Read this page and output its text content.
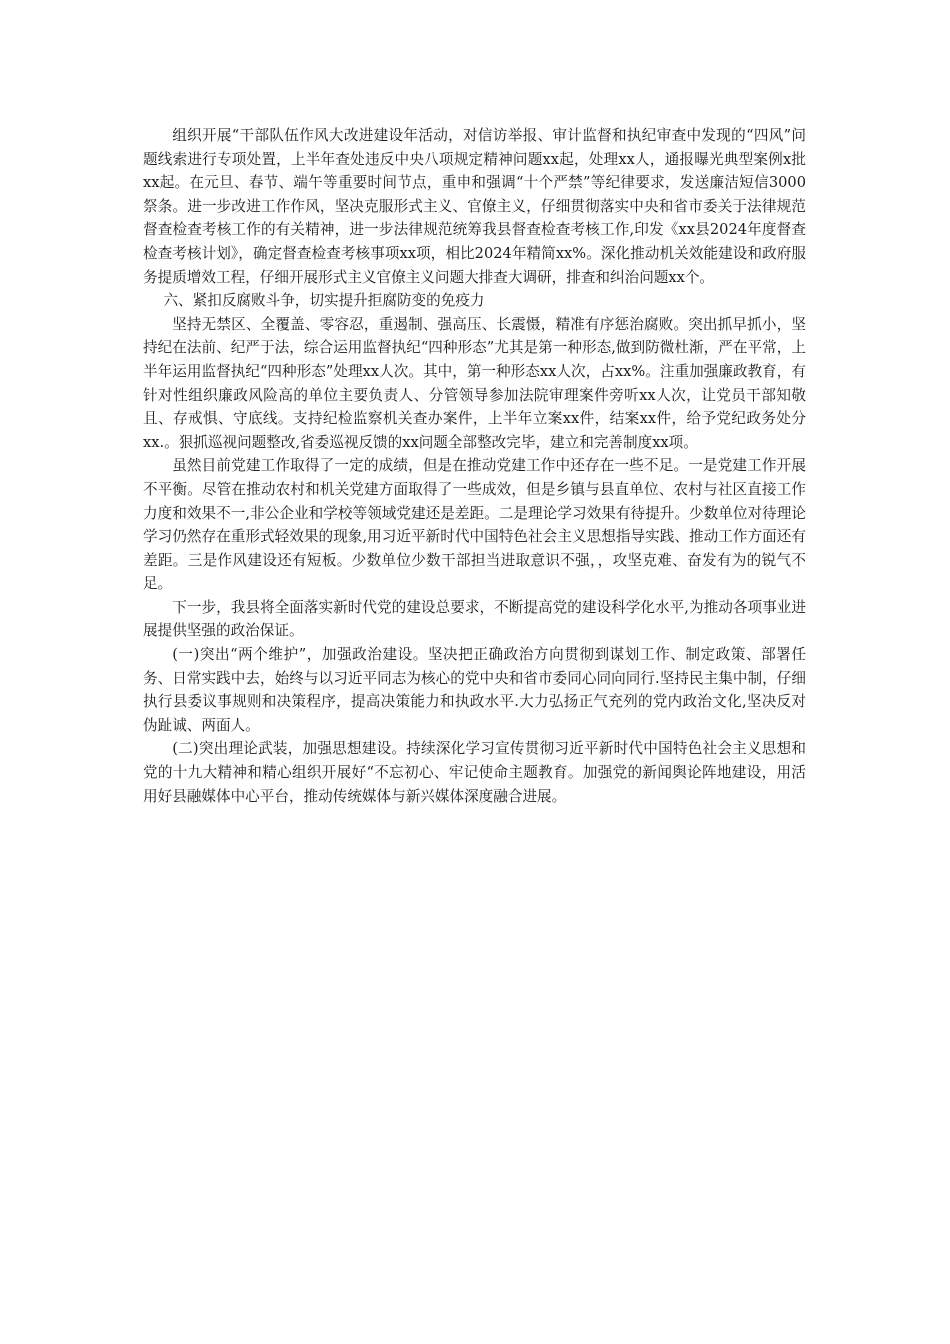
组织开展“干部队伍作风大改进建设年活动，对信访举报、审计监督和执纪审查中发现的“四风”问题线索进行专项处置，上半年查处违反中央八项规定精神问题xx起，处理xx人，通报曝光典型案例x批xx起。在元旦、春节、端午等重要时间节点，重申和强调“十个严禁”等纪律要求，发送廉洁短信3000祭条。进一步改进工作作风，坚决克服形式主义、官僚主义，仔细贯彻落实中央和省市委关于法律规范督查检查考核工作的有关精神，进一步法律规范统筹我县督查检查考核工作,印发《xx县2024年度督查检查考核计划》，确定督查检查考核事项xx项，相比2024年精简xx%。深化推动机关效能建设和政府服务提质增效工程，仔细开展形式主义官僚主义问题大排查大调研，排查和纠治问题xx个。

六、紧扣反腐败斗争，切实提升拒腐防变的免疫力

坚持无禁区、全覆盖、零容忍，重遏制、强高压、长震慑，精准有序惩治腐败。突出抓早抓小，坚持纪在法前、纪严于法，综合运用监督执纪“四种形态”尤其是第一种形态,做到防微杜渐，严在平常，上半年运用监督执纪“四种形态”处理xx人次。其中，第一种形态xx人次，占xx%。注重加强廉政教育，有针对性组织廉政风险高的单位主要负责人、分管领导参加法院审理案件旁听xx人次，让党员干部知敬且、存戒惧、守底线。支持纪检监察机关查办案件，上半年立案xx件，结案xx件，给予党纪政务处分xx.。狠抓巡视问题整改,省委巡视反馈的xx问题全部整改完毕，建立和完善制度xx项。

虽然目前党建工作取得了一定的成绩，但是在推动党建工作中还存在一些不足。一是党建工作开展不平衡。尽管在推动农村和机关党建方面取得了一些成效，但是乡镇与县直单位、农村与社区直接工作力度和效果不一,非公企业和学校等领域党建还是差距。二是理论学习效果有待提升。少数单位对待理论学习仍然存在重形式轻效果的现象,用习近平新时代中国特色社会主义思想指导实践、推动工作方面还有差距。三是作风建设还有短板。少数单位少数干部担当进取意识不强，，攻坚克难、奋发有为的锐气不足。

下一步，我县将全面落实新时代党的建设总要求，不断提高党的建设科学化水平,为推动各项事业进展提供坚强的政治保证。

(一)突出“两个维护”，加强政治建设。坚决把正确政治方向贯彻到谋划工作、制定政策、部署任务、日常实践中去，始终与以习近平同志为核心的党中央和省市委同心同向同行.坚持民主集中制，仔细执行县委议事规则和决策程序，提高决策能力和执政水平.大力弘扬正气充列的党内政治文化,坚决反对伪趾诚、两面人。

(二)突出理论武装，加强思想建设。持续深化学习宣传贯彻习近平新时代中国特色社会主义思想和党的十九大精神和精心组织开展好“不忘初心、牢记使命主题教育。加强党的新闻舆论阵地建设，用活用好县融媒体中心平台，推动传统媒体与新兴媒体深度融合进展。
